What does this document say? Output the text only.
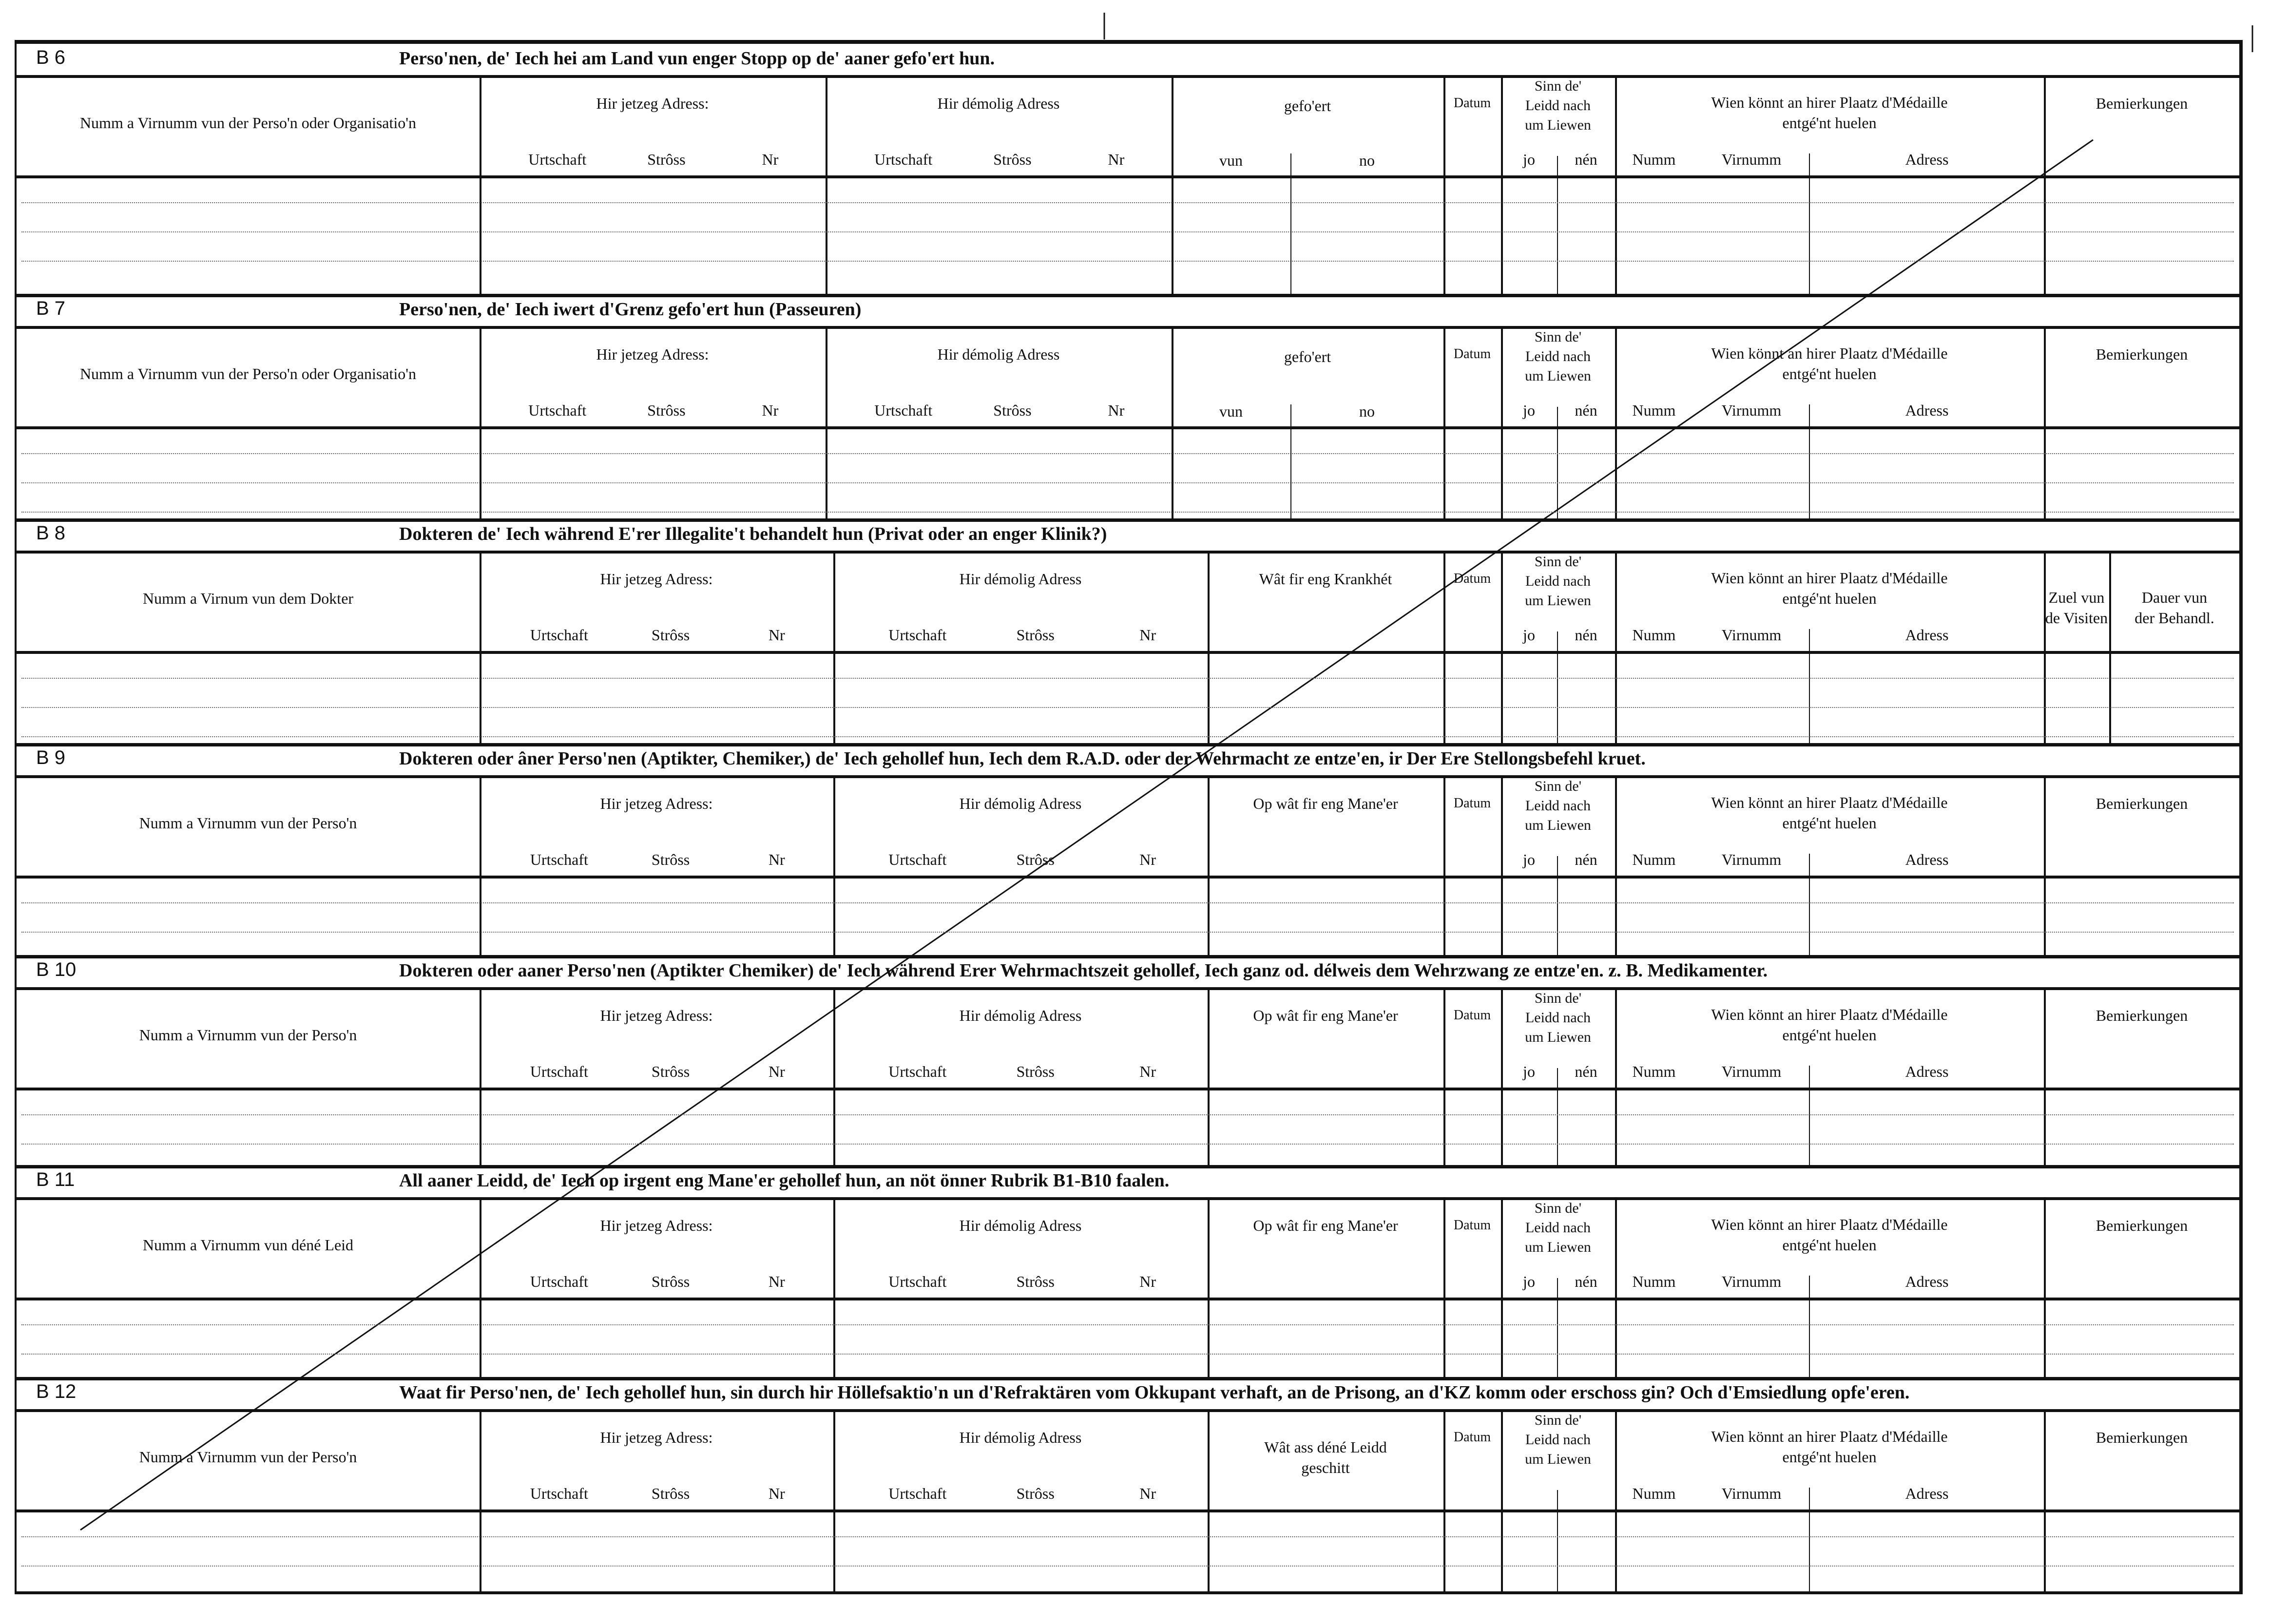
|	|
B 6	Perso'nen, de' Iech hei am Land vun enger Stopp op de' aaner gefo'ert hun.
Numm a Virnumm vun der Perso'n oder Organisatio'n
Hir jetzeg Adress:
Urtschaft	Strôss	Nr
Hir démolig Adress
Urtschaft	Strôss	Nr
gefo'ert
vun	no
Datum
Sinn de'
Leidd nach
um Liewen
jo	nén
Wien könnt an hirer Plaatz d'Médaille
entgé'nt huelen
Numm	Virnumm	Adress
Bemierkungen
B 7	Perso'nen, de' Iech iwert d'Grenz gefo'ert hun (Passeuren)
Numm a Virnumm vun der Perso'n oder Organisatio'n
Hir jetzeg Adress:
Urtschaft	Strôss	Nr
Hir démolig Adress
Urtschaft	Strôss	Nr
gefo'ert
vun	no
Datum
Sinn de'
Leidd nach
um Liewen
jo	nén
Wien könnt an hirer Plaatz d'Médaille
entgé'nt huelen
Numm	Virnumm	Adress
Bemierkungen
B 8	Dokteren de' Iech während E'rer Illegalite't behandelt hun (Privat oder an enger Klinik?)
Numm a Virnum vun dem Dokter
Hir jetzeg Adress:
Urtschaft	Strôss	Nr
Hir démolig Adress
Urtschaft	Strôss	Nr
Wât fir eng Krankhét	Datum
Sinn de'
Leidd nach
um Liewen
jo	nén
Wien könnt an hirer Plaatz d'Médaille
entgé'nt huelen
Numm	Virnumm	Adress
Zuel vun
de Visiten
Dauer vun
der Behandl.
B 9	Dokteren oder âner Perso'nen (Aptikter, Chemiker,) de' Iech gehollef hun, Iech dem R.A.D. oder der Wehrmacht ze entze'en, ir Der Ere Stellongsbefehl kruet.
Numm a Virnumm vun der Perso'n
Hir jetzeg Adress:
Urtschaft	Strôss	Nr
Hir démolig Adress
Urtschaft	Strôss	Nr
Op wât fir eng Mane'er	Datum
Sinn de'
Leidd nach
um Liewen
jo	nén
Wien könnt an hirer Plaatz d'Médaille
entgé'nt huelen
Numm	Virnumm	Adress
Bemierkungen
B 10	Dokteren oder aaner Perso'nen (Aptikter Chemiker) de' Iech während Erer Wehrmachtszeit gehollef, Iech ganz od. délweis dem Wehrzwang ze entze'en. z. B. Medikamenter.
Numm a Virnumm vun der Perso'n
Hir jetzeg Adress:
Urtschaft	Strôss	Nr
Hir démolig Adress
Urtschaft	Strôss	Nr
Op wât fir eng Mane'er	Datum
Sinn de'
Leidd nach
um Liewen
jo	nén
Wien könnt an hirer Plaatz d'Médaille
entgé'nt huelen
Numm	Virnumm	Adress
Bemierkungen
B 11	All aaner Leidd, de' Iech op irgent eng Mane'er gehollef hun, an nöt önner Rubrik B1-B10 faalen.
Numm a Virnumm vun déné Leid
Hir jetzeg Adress:
Urtschaft	Strôss	Nr
Hir démolig Adress
Urtschaft	Strôss	Nr
Op wât fir eng Mane'er	Datum
Sinn de'
Leidd nach
um Liewen
jo	nén
Wien könnt an hirer Plaatz d'Médaille
entgé'nt huelen
Numm	Virnumm	Adress
Bemierkungen
B 12	Waat fir Perso'nen, de' Iech gehollef hun, sin durch hir Höllefsaktio'n un d'Refraktären vom Okkupant verhaft, an de Prisong, an d'KZ komm oder erschoss gin? Och d'Emsiedlung opfe'eren.
Numm a Virnumm vun der Perso'n
Hir jetzeg Adress:
Urtschaft	Strôss	Nr
Hir démolig Adress
Urtschaft	Strôss	Nr
Wât ass déné Leidd
geschitt
Datum
Sinn de'
Leidd nach
um Liewen
Wien könnt an hirer Plaatz d'Médaille
entgé'nt huelen
Numm	Virnumm	Adress
Bemierkungen
